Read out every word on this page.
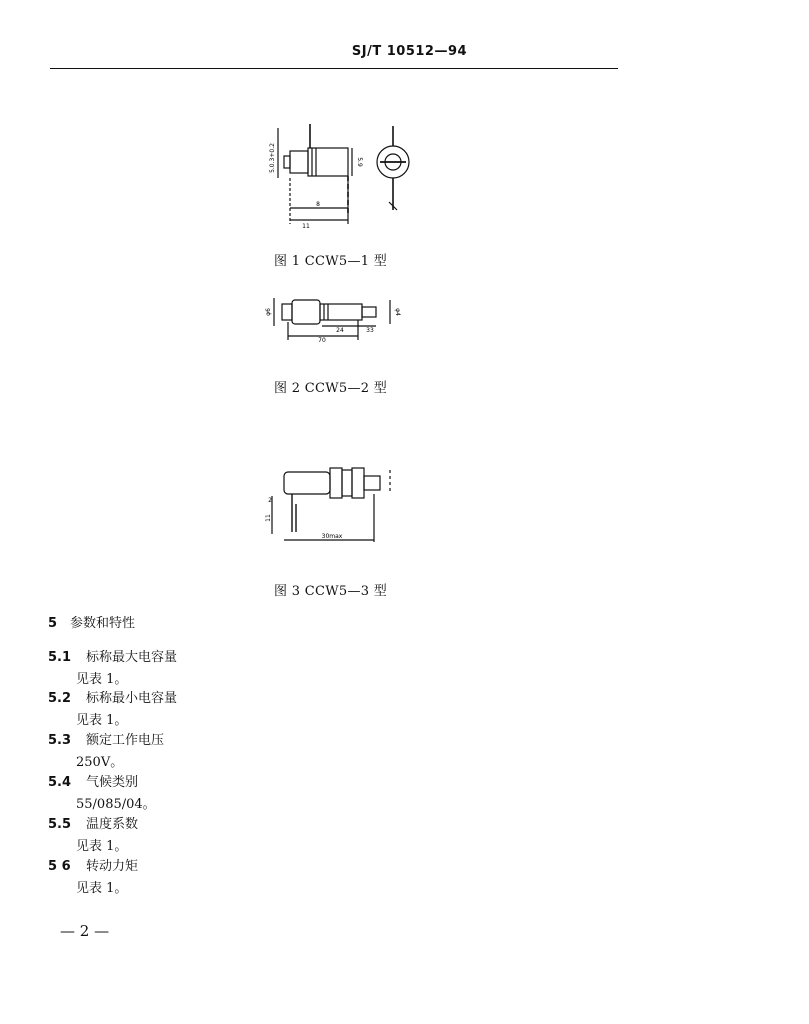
SJ/T 10512—94
5.0.3+0.2	5.9
8
11
图 1 CCW5—1 型
φ6	φ4
24	33
70
图 2 CCW5—2 型
2
11
30max
图 3 CCW5—3 型
5 参数和特性
5.1 标称最大电容量
见表 1。
5.2 标称最小电容量
见表 1。
5.3 额定工作电压
250V。
5.4 气候类别
55/085/04。
5.5 温度系数
见表 1。
5 6 转动力矩
见表 1。
— 2 —
